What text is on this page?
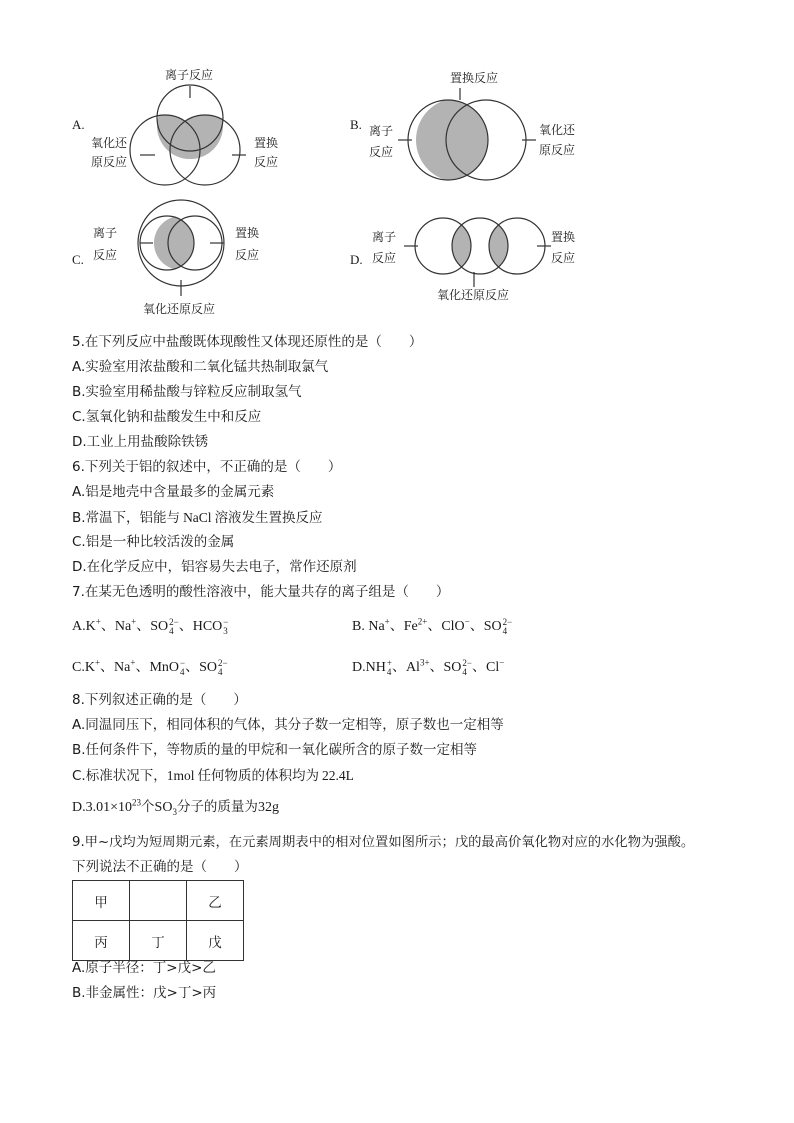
A.
离子反应
氧化还
原反应
置换
反应
B.
置换反应
离子
反应
氧化还
原反应
C.
离子
反应
置换
反应
氧化还原反应
D.
离子
反应
置换
反应
氧化还原反应
5.在下列反应中盐酸既体现酸性又体现还原性的是（　　）
A.实验室用浓盐酸和二氧化锰共热制取氯气
B.实验室用稀盐酸与锌粒反应制取氢气
C.氢氧化钠和盐酸发生中和反应
D.工业上用盐酸除铁锈
6.下列关于铝的叙述中，不正确的是（　　）
A.铝是地壳中含量最多的金属元素
B.常温下，铝能与 NaCl 溶液发生置换反应
C.铝是一种比较活泼的金属
D.在化学反应中，铝容易失去电子，常作还原剂
7.在某无色透明的酸性溶液中，能大量共存的离子组是（　　）
A.K+、Na+、SO 2−
4 、HCO −
3	B. Na+、$Fe^{2+}$、ClO−、SO 2−
4
C.K+、Na+、MnO −
4 、SO 2−
4	D.NH +
4 、$Al^{3+}$、SO 2−
4 、Cl−
8.下列叙述正确的是（　　）
A.同温同压下，相同体积的气体，其分子数一定相等，原子数也一定相等
B.任何条件下，等物质的量的甲烷和一氧化碳所含的原子数一定相等
C.标准状况下，1mol 任何物质的体积均为 22.4L
$D.3.01\times 10^{23}$个$SO_3$分子的质量为32g
9.甲~戊均为短周期元素，在元素周期表中的相对位置如图所示；戊的最高价氧化物对应的水化物为强酸。
下列说法不正确的是（　　）
甲		乙
丙	丁	戊
A.原子半径：丁>戊>乙
B.非金属性：戊>丁>丙
